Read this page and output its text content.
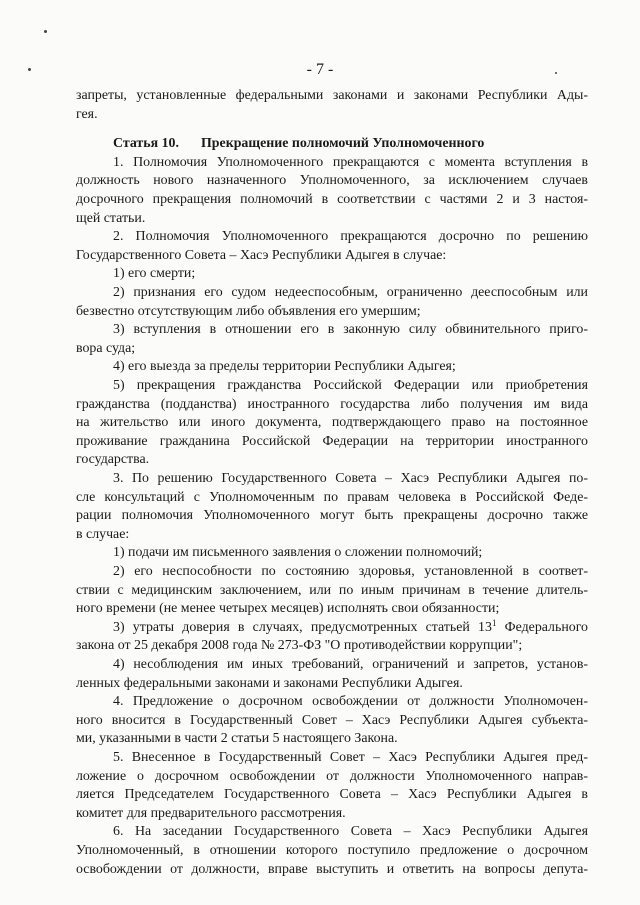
- 7 -
запреты, установленные федеральными законами и законами Республики Ады-
гея.
Статья 10. Прекращение полномочий Уполномоченного
1. Полномочия Уполномоченного прекращаются с момента вступления в
должность нового назначенного Уполномоченного, за исключением случаев
досрочного прекращения полномочий в соответствии с частями 2 и 3 настоя-
щей статьи.
2. Полномочия Уполномоченного прекращаются досрочно по решению
Государственного Совета – Хасэ Республики Адыгея в случае:
1) его смерти;
2) признания его судом недееспособным, ограниченно дееспособным или
безвестно отсутствующим либо объявления его умершим;
3) вступления в отношении его в законную силу обвинительного приго-
вора суда;
4) его выезда за пределы территории Республики Адыгея;
5) прекращения гражданства Российской Федерации или приобретения
гражданства (подданства) иностранного государства либо получения им вида
на жительство или иного документа, подтверждающего право на постоянное
проживание гражданина Российской Федерации на территории иностранного
государства.
3. По решению Государственного Совета – Хасэ Республики Адыгея по-
сле консультаций с Уполномоченным по правам человека в Российской Феде-
рации полномочия Уполномоченного могут быть прекращены досрочно также
в случае:
1) подачи им письменного заявления о сложении полномочий;
2) его неспособности по состоянию здоровья, установленной в соответ-
ствии с медицинским заключением, или по иным причинам в течение длитель-
ного времени (не менее четырех месяцев) исполнять свои обязанности;
3) утраты доверия в случаях, предусмотренных статьей $13^1$ Федерального
закона от 25 декабря 2008 года № 273-ФЗ "О противодействии коррупции";
4) несоблюдения им иных требований, ограничений и запретов, установ-
ленных федеральными законами и законами Республики Адыгея.
4. Предложение о досрочном освобождении от должности Уполномочен-
ного вносится в Государственный Совет – Хасэ Республики Адыгея субъекта-
ми, указанными в части 2 статьи 5 настоящего Закона.
5. Внесенное в Государственный Совет – Хасэ Республики Адыгея пред-
ложение о досрочном освобождении от должности Уполномоченного направ-
ляется Председателем Государственного Совета – Хасэ Республики Адыгея в
комитет для предварительного рассмотрения.
6. На заседании Государственного Совета – Хасэ Республики Адыгея
Уполномоченный, в отношении которого поступило предложение о досрочном
освобождении от должности, вправе выступить и ответить на вопросы депута-
